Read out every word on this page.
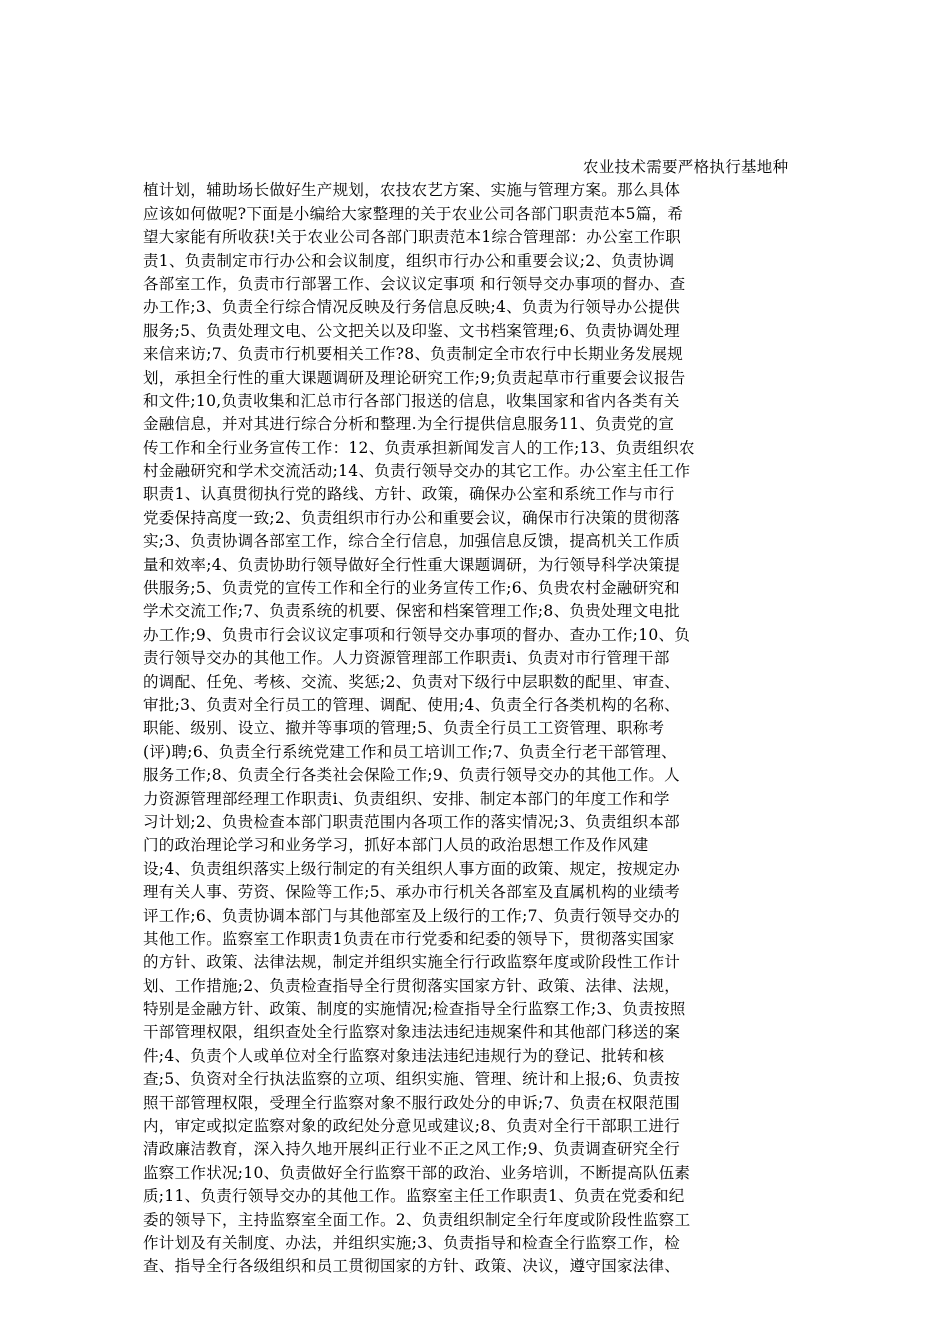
农业技术需要严格执行基地种
植计划，辅助场长做好生产规划，农技农艺方案、实施与管理方案。那么具体
应该如何做呢?下面是小编给大家整理的关于农业公司各部门职责范本5篇，希
望大家能有所收获!关于农业公司各部门职责范本1综合管理部：办公室工作职
责1、负责制定市行办公和会议制度，组织市行办公和重要会议;2、负责协调
各部室工作，负责市行部署工作、会议议定事项 和行领导交办事项的督办、查
办工作;3、负责全行综合情况反映及行务信息反映;4、负责为行领导办公提供
服务;5、负责处理文电、公文把关以及印鉴、文书档案管理;6、负责协调处理
来信来访;7、负责市行机要相关工作?8、负责制定全市农行中长期业务发展规
划，承担全行性的重大课题调研及理论研究工作;9;负责起草市行重要会议报告
和文件;10,负责收集和汇总市行各部门报送的信息，收集国家和省内各类有关
金融信息，并对其进行综合分析和整理.为全行提供信息服务11、负责党的宣
传工作和全行业务宣传工作：12、负责承担新闻发言人的工作;13、负责组织农
村金融研究和学术交流活动;14、负责行领导交办的其它工作。办公室主任工作
职责1、认真贯彻执行党的路线、方针、政策，确保办公室和系统工作与市行
党委保持高度一致;2、负责组织市行办公和重要会议，确保市行决策的贯彻落
实;3、负责协调各部室工作，综合全行信息，加强信息反馈，提高机关工作质
量和效率;4、负责协助行领导做好全行性重大课题调研，为行领导科学决策提
供服务;5、负责党的宣传工作和全行的业务宣传工作;6、负贵农村金融研究和
学术交流工作;7、负责系统的机要、保密和档案管理工作;8、负贵处理文电批
办工作;9、负贵市行会议议定事项和行领导交办事项的督办、查办工作;10、负
责行领导交办的其他工作。人力资源管理部工作职责i、负责对市行管理干部
的调配、任免、考核、交流、奖惩;2、负责对下级行中层职数的配里、审查、
审批;3、负责对全行员工的管理、调配、使用;4、负责全行各类机构的名称、
职能、级别、设立、撤并等事项的管理;5、负责全行员工工资管理、职称考
(评)聘;6、负责全行系统党建工作和员工培训工作;7、负责全行老干部管理、
服务工作;8、负责全行各类社会保险工作;9、负责行领导交办的其他工作。人
力资源管理部经理工作职责i、负责组织、安排、制定本部门的年度工作和学
习计划;2、负贵检查本部门职责范围内各项工作的落实情况;3、负责组织本部
门的政治理论学习和业务学习，抓好本部门人员的政治思想工作及作风建
设;4、负责组织落实上级行制定的有关组织人事方面的政策、规定，按规定办
理有关人事、劳资、保险等工作;5、承办市行机关各部室及直属机构的业绩考
评工作;6、负责协调本部门与其他部室及上级行的工作;7、负责行领导交办的
其他工作。监察室工作职责1负责在市行党委和纪委的领导下，贯彻落实国家
的方针、政策、法律法规，制定并组织实施全行行政监察年度或阶段性工作计
划、工作措施;2、负责检查指导全行贯彻落实国家方针、政策、法律、法规，
特别是金融方针、政策、制度的实施情况;检查指导全行监察工作;3、负责按照
干部管理权限，组织查处全行监察对象违法违纪违规案件和其他部门移送的案
件;4、负责个人或单位对全行监察对象违法违纪违规行为的登记、批转和核
查;5、负资对全行执法监察的立项、组织实施、管理、统计和上报;6、负责按
照干部管理权限，受理全行监察对象不服行政处分的申诉;7、负责在权限范围
内，审定或拟定监察对象的政纪处分意见或建议;8、负责对全行干部职工进行
清政廉洁教育，深入持久地开展纠正行业不正之风工作;9、负责调查研究全行
监察工作状况;10、负责做好全行监察干部的政治、业务培训，不断提高队伍素
质;11、负责行领导交办的其他工作。监察室主任工作职责1、负责在党委和纪
委的领导下，主持监察室全面工作。2、负责组织制定全行年度或阶段性监察工
作计划及有关制度、办法，并组织实施;3、负责指导和检查全行监察工作，检
查、指导全行各级组织和员工贯彻国家的方针、政策、决议，遵守国家法律、
